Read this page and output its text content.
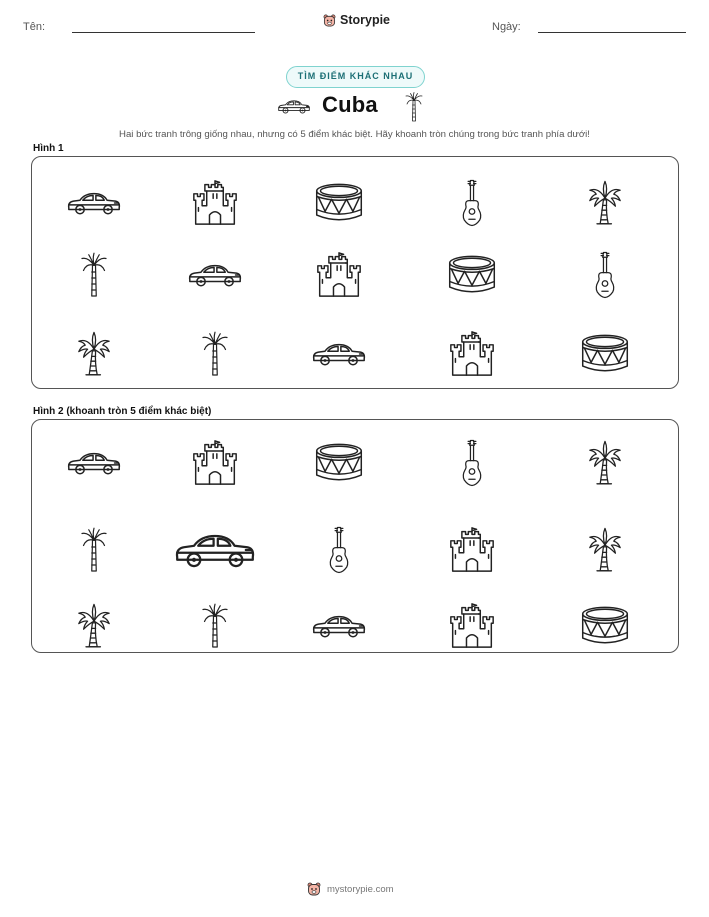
Tên:	Storypie	Ngày:
TÌM ĐIỂM KHÁC NHAU
Cuba
Hai bức tranh trông giống nhau, nhưng có 5 điểm khác biệt. Hãy khoanh tròn chúng trong bức tranh phía dưới!
Hình 1
Hình 2 (khoanh tròn 5 điểm khác biệt)
mystorypie.com
